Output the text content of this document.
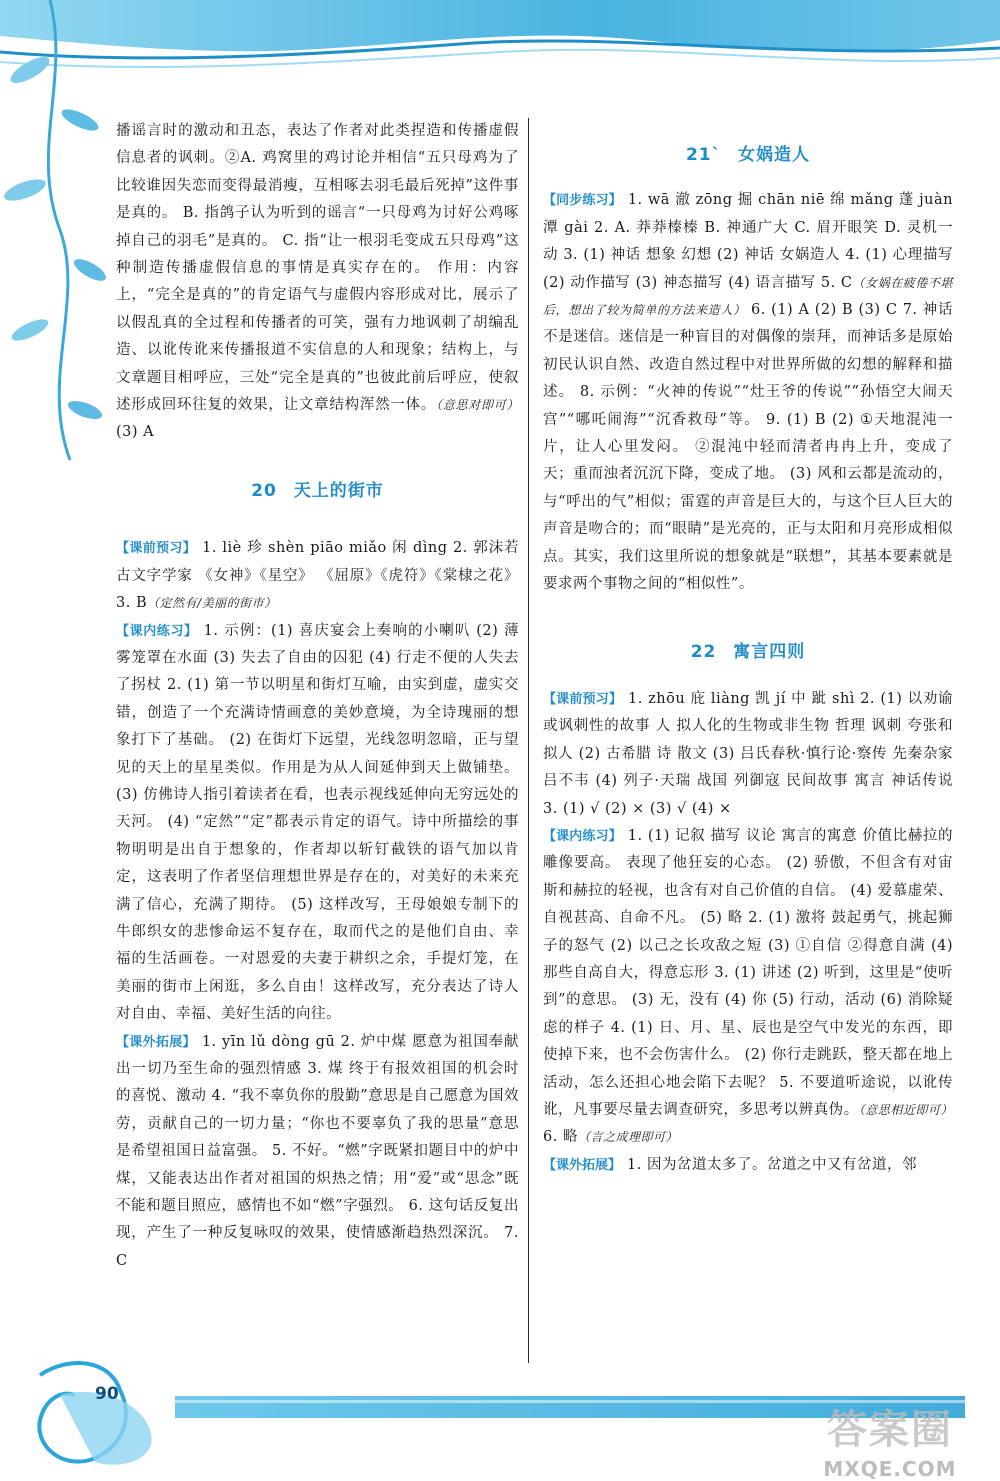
播谣言时的激动和丑态，表达了作者对此类捏造和传播虚假信息者的讽刺。②A. 鸡窝里的鸡讨论并相信“五只母鸡为了比较谁因失恋而变得最消瘦，互相啄去羽毛最后死掉”这件事是真的。 B. 指鸽子认为听到的谣言“一只母鸡为讨好公鸡啄掉自己的羽毛”是真的。 C. 指“让一根羽毛变成五只母鸡”这种制造传播虚假信息的事情是真实存在的。 作用：内容上，“完全是真的”的肯定语气与虚假内容形成对比，展示了以假乱真的全过程和传播者的可笑，强有力地讽刺了胡编乱造、以讹传讹来传播报道不实信息的人和现象；结构上，与文章题目相呼应，三处“完全是真的”也彼此前后呼应，使叙述形成回环往复的效果，让文章结构浑然一体。（意思对即可） (3) A

20 天上的街市

【课前预习】 1. liè 珍 shèn piāo miǎo 闲 dìng 2. 郭沫若 古文字学家 《女神》《星空》 《屈原》《虎符》《棠棣之花》 3. B（定然有/美丽的街市）

【课内练习】 1. 示例：(1) 喜庆宴会上奏响的小喇叭 (2) 薄雾笼罩在水面 (3) 失去了自由的囚犯 (4) 行走不便的人失去了拐杖 2. (1) 第一节以明星和街灯互喻，由实到虚，虚实交错，创造了一个充满诗情画意的美妙意境，为全诗瑰丽的想象打下了基础。 (2) 在街灯下远望，光线忽明忽暗，正与望见的天上的星星类似。作用是为从人间延伸到天上做铺垫。 (3) 仿佛诗人指引着读者在看，也表示视线延伸向无穷远处的天河。 (4) “定然”“定”都表示肯定的语气。诗中所描绘的事物明明是出自于想象的，作者却以斩钉截铁的语气加以肯定，这表明了作者坚信理想世界是存在的，对美好的未来充满了信心，充满了期待。 (5) 这样改写，王母娘娘专制下的牛郎织女的悲惨命运不复存在，取而代之的是他们自由、幸福的生活画卷。一对恩爱的夫妻于耕织之余，手提灯笼，在美丽的街市上闲逛，多么自由！这样改写，充分表达了诗人对自由、幸福、美好生活的向往。

【课外拓展】 1. yīn lǔ dòng gū 2. 炉中煤 愿意为祖国奉献出一切乃至生命的强烈情感 3. 煤 终于有报效祖国的机会时的喜悦、激动 4. “我不辜负你的殷勤”意思是自己愿意为国效劳，贡献自己的一切力量；“你也不要辜负了我的思量”意思是希望祖国日益富强。 5. 不好。“燃”字既紧扣题目中的炉中煤，又能表达出作者对祖国的炽热之情；用“爱”或“思念”既不能和题目照应，感情也不如“燃”字强烈。 6. 这句话反复出现，产生了一种反复咏叹的效果，使情感渐趋热烈深沉。 7. C

21ˋ 女娲造人

【同步练习】 1. wā 澈 zōng 掘 chān niē 绵 mǎng 蓬 juàn 潭 gài 2. A. 莽莽榛榛 B. 神通广大 C. 眉开眼笑 D. 灵机一动 3. (1) 神话 想象 幻想 (2) 神话 女娲造人 4. (1) 心理描写 (2) 动作描写 (3) 神态描写 (4) 语言描写 5. C（女娲在疲倦不堪后，想出了较为简单的方法来造人） 6. (1) A (2) B (3) C 7. 神话不是迷信。迷信是一种盲目的对偶像的崇拜，而神话多是原始初民认识自然、改造自然过程中对世界所做的幻想的解释和描述。 8. 示例：“火神的传说”“灶王爷的传说”“孙悟空大闹天宫”“哪吒闹海”“沉香救母”等。 9. (1) B (2) ①天地混沌一片，让人心里发闷。 ②混沌中轻而清者冉冉上升，变成了天；重而浊者沉沉下降，变成了地。 (3) 风和云都是流动的，与“呼出的气”相似；雷霆的声音是巨大的，与这个巨人巨大的声音是吻合的；而“眼睛”是光亮的，正与太阳和月亮形成相似点。其实，我们这里所说的想象就是“联想”，其基本要素就是要求两个事物之间的“相似性”。

22 寓言四则

【课前预习】 1. zhōu 庇 liàng 凯 jí 中 跐 shì 2. (1) 以劝谕或讽刺性的故事 人 拟人化的生物或非生物 哲理 讽刺 夸张和拟人 (2) 古希腊 诗 散文 (3) 吕氏春秋·慎行论·察传 先秦杂家 吕不韦 (4) 列子·天瑞 战国 列御寇 民间故事 寓言 神话传说 3. (1) √ (2) × (3) √ (4) ×

【课内练习】 1. (1) 记叙 描写 议论 寓言的寓意 价值比赫拉的雕像要高。 表现了他狂妄的心态。 (2) 骄傲，不但含有对宙斯和赫拉的轻视，也含有对自己价值的自信。 (4) 爱慕虚荣、自视甚高、自命不凡。 (5) 略 2. (1) 激将 鼓起勇气，挑起狮子的怒气 (2) 以己之长攻敌之短 (3) ①自信 ②得意自满 (4) 那些自高自大，得意忘形 3. (1) 讲述 (2) 听到，这里是“使听到”的意思。 (3) 无，没有 (4) 你 (5) 行动，活动 (6) 消除疑虑的样子 4. (1) 日、月、星、辰也是空气中发光的东西，即使掉下来，也不会伤害什么。 (2) 你行走跳跃，整天都在地上活动，怎么还担心地会陷下去呢？ 5. 不要道听途说，以讹传讹，凡事要尽量去调查研究，多思考以辨真伪。（意思相近即可） 6. 略（言之成理即可）

【课外拓展】 1. 因为岔道太多了。岔道之中又有岔道，邻

90
答案圈
MXQE.COM
